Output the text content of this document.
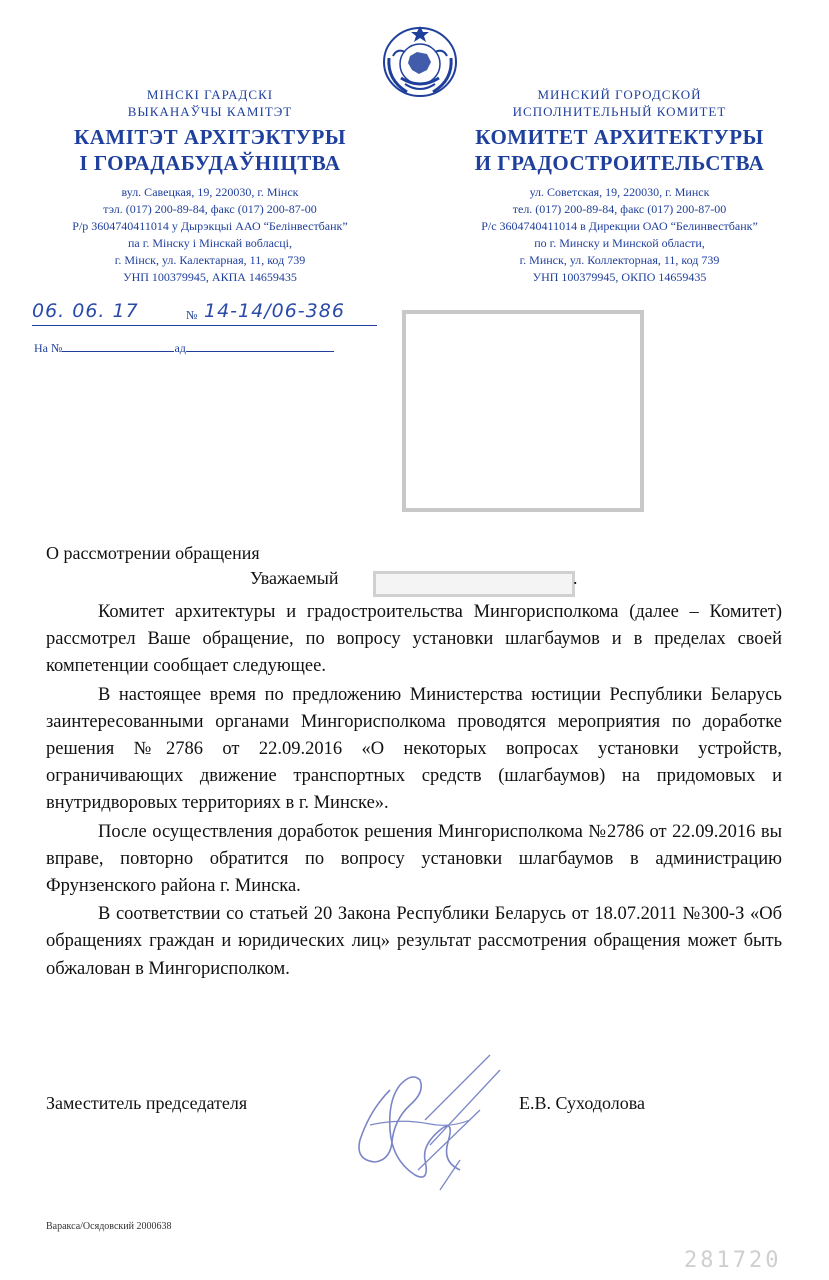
МІНСКІ ГАРАДСКІ
ВЫКАНАЎЧЫ КАМІТЭТ
КАМІТЭТ АРХІТЭКТУРЫ
І ГОРАДАБУДАЎНІЦТВА
вул. Савецкая, 19, 220030, г. Мінск
тэл. (017) 200-89-84, факс (017) 200-87-00
Р/р 3604740411014 у Дырэкцыі ААО “Белінвестбанк”
па г. Мінску і Мінскай вобласці,
г. Мінск, ул. Калектарная, 11, код 739
УНП 100379945, АКПА 14659435
МИНСКИЙ ГОРОДСКОЙ
ИСПОЛНИТЕЛЬНЫЙ КОМИТЕТ
КОМИТЕТ АРХИТЕКТУРЫ
И ГРАДОСТРОИТЕЛЬСТВА
ул. Советская, 19, 220030, г. Минск
тел. (017) 200-89-84, факс (017) 200-87-00
Р/с 3604740411014 в Дирекции ОАО “Белинвестбанк”
по г. Минску и Минской области,
г. Минск, ул. Коллекторная, 11, код 739
УНП 100379945, ОКПО 14659435
06. 06. 17	№ 14-14/06-386
На №	ад
О рассмотрении обращения
Уважаемый	.

Комитет архитектуры и градостроительства Мингорисполкома (далее – Комитет) рассмотрел Ваше обращение, по вопросу установки шлагбаумов и в пределах своей компетенции сообщает следующее.

В настоящее время по предложению Министерства юстиции Республики Беларусь заинтересованными органами Мингорисполкома проводятся мероприятия по доработке решения №2786 от 22.09.2016 «О некоторых вопросах установки устройств, ограничивающих движение транспортных средств (шлагбаумов) на придомовых и внутридворовых территориях в г. Минске».

После осуществления доработок решения Мингорисполкома №2786 от 22.09.2016 вы вправе, повторно обратится по вопросу установки шлагбаумов в администрацию Фрунзенского района г. Минска.

В соответствии со статьей 20 Закона Республики Беларусь от 18.07.2011 №300-З «Об обращениях граждан и юридических лиц» результат рассмотрения обращения может быть обжалован в Мингорисполком.

Заместитель председателя	Е.В. Суходолова
Варакса/Осядовский 2000638
281720
